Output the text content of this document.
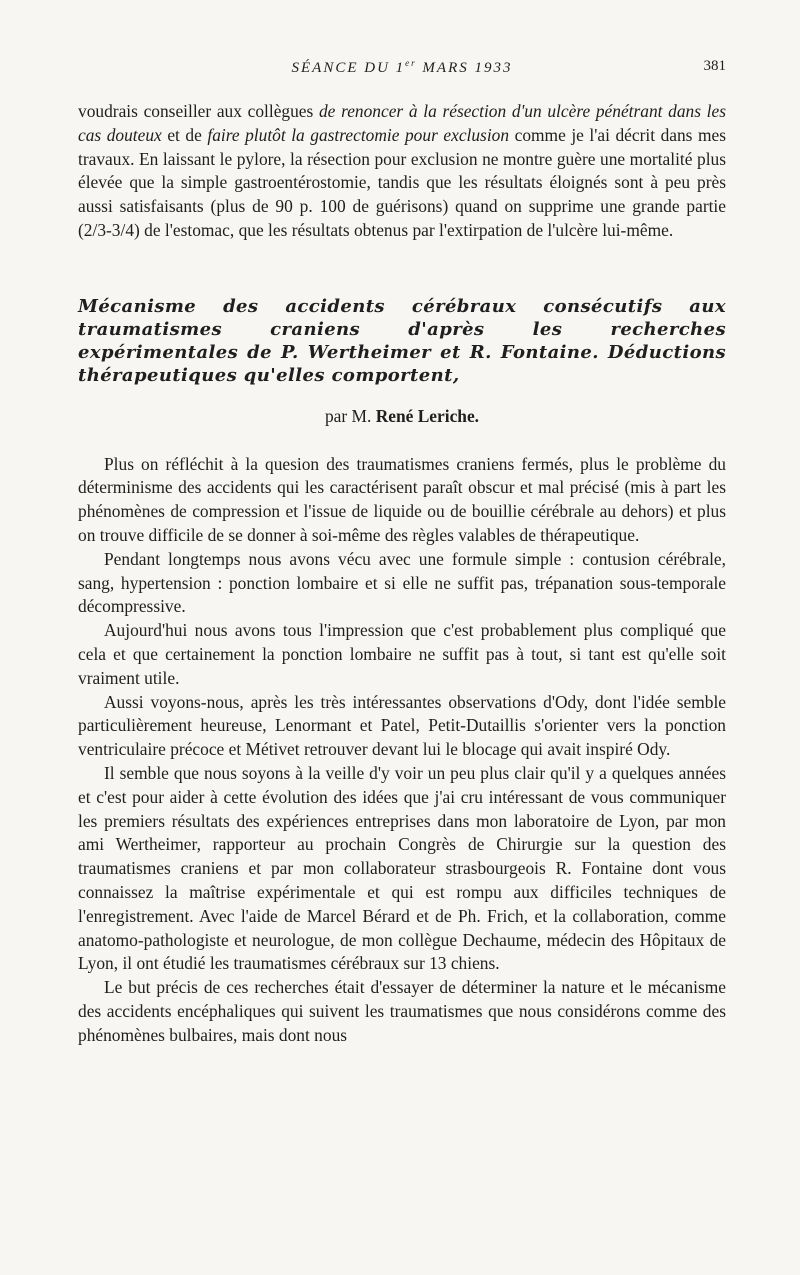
SÉANCE DU 1er MARS 1933	381

voudrais conseiller aux collègues de renoncer à la résection d'un ulcère pénétrant dans les cas douteux et de faire plutôt la gastrectomie pour exclusion comme je l'ai décrit dans mes travaux. En laissant le pylore, la résection pour exclusion ne montre guère une mortalité plus élevée que la simple gastroentérostomie, tandis que les résultats éloignés sont à peu près aussi satisfaisants (plus de 90 p. 100 de guérisons) quand on supprime une grande partie (2/3-3/4) de l'estomac, que les résultats obtenus par l'extirpation de l'ulcère lui-même.

Mécanisme des accidents cérébraux consécutifs aux traumatismes craniens d'après les recherches expérimentales de P. Wertheimer et R. Fontaine. Déductions thérapeutiques qu'elles comportent,
par M. René Leriche.

Plus on réfléchit à la quesion des traumatismes craniens fermés, plus le problème du déterminisme des accidents qui les caractérisent paraît obscur et mal précisé (mis à part les phénomènes de compression et l'issue de liquide ou de bouillie cérébrale au dehors) et plus on trouve difficile de se donner à soi-même des règles valables de thérapeutique.

Pendant longtemps nous avons vécu avec une formule simple : contusion cérébrale, sang, hypertension : ponction lombaire et si elle ne suffit pas, trépanation sous-temporale décompressive.

Aujourd'hui nous avons tous l'impression que c'est probablement plus compliqué que cela et que certainement la ponction lombaire ne suffit pas à tout, si tant est qu'elle soit vraiment utile.

Aussi voyons-nous, après les très intéressantes observations d'Ody, dont l'idée semble particulièrement heureuse, Lenormant et Patel, Petit-Dutaillis s'orienter vers la ponction ventriculaire précoce et Métivet retrouver devant lui le blocage qui avait inspiré Ody.

Il semble que nous soyons à la veille d'y voir un peu plus clair qu'il y a quelques années et c'est pour aider à cette évolution des idées que j'ai cru intéressant de vous communiquer les premiers résultats des expériences entreprises dans mon laboratoire de Lyon, par mon ami Wertheimer, rapporteur au prochain Congrès de Chirurgie sur la question des traumatismes craniens et par mon collaborateur strasbourgeois R. Fontaine dont vous connaissez la maîtrise expérimentale et qui est rompu aux difficiles techniques de l'enregistrement. Avec l'aide de Marcel Bérard et de Ph. Frich, et la collaboration, comme anatomo-pathologiste et neurologue, de mon collègue Dechaume, médecin des Hôpitaux de Lyon, il ont étudié les traumatismes cérébraux sur 13 chiens.

Le but précis de ces recherches était d'essayer de déterminer la nature et le mécanisme des accidents encéphaliques qui suivent les traumatismes que nous considérons comme des phénomènes bulbaires, mais dont nous
